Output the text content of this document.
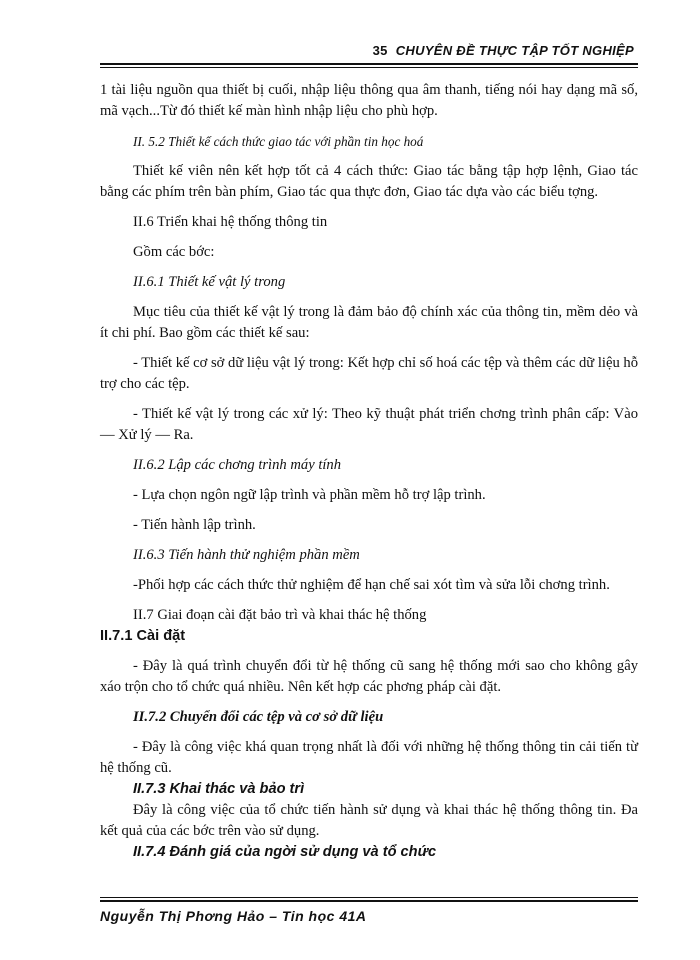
35 CHUYÊN ĐỀ THỰC TẬP TỐT NGHIỆP

1 tài liệu nguồn qua thiết bị cuối, nhập liệu thông qua âm thanh, tiếng nói hay dạng mã số, mã vạch...Từ đó thiết kế màn hình nhập liệu cho phù hợp.

II. 5.2 Thiết kế cách thức giao tác với phần tin học hoá

Thiết kế viên nên kết hợp tốt cả 4 cách thức: Giao tác bằng tập hợp lệnh, Giao tác bằng các phím trên bàn phím, Giao tác qua thực đơn, Giao tác dựa vào các biểu tợng.

II.6 Triển khai hệ thống thông tin

Gồm các bớc:

II.6.1 Thiết kế vật lý trong

Mục tiêu của thiết kế vật lý trong là đảm bảo độ chính xác của thông tin, mềm dẻo và ít chi phí. Bao gồm các thiết kế sau:

- Thiết kế cơ sở dữ liệu vật lý trong: Kết hợp chỉ số hoá các tệp và thêm các dữ liệu hỗ trợ cho các tệp.

- Thiết kế vật lý trong các xử lý: Theo kỹ thuật phát triển chơng trình phân cấp: Vào — Xử lý — Ra.

II.6.2 Lập các chơng trình máy tính

- Lựa chọn ngôn ngữ lập trình và phần mềm hỗ trợ lập trình.

- Tiến hành lập trình.

II.6.3 Tiến hành thử nghiệm phần mềm

-Phối hợp các cách thức thử nghiệm để hạn chế sai xót tìm và sửa lỗi chơng trình.

II.7 Giai đoạn cài đặt bảo trì và khai thác hệ thống

II.7.1 Cài đặt

- Đây là quá trình chuyển đổi từ hệ thống cũ sang hệ thống mới sao cho không gây xáo trộn cho tổ chức quá nhiều. Nên kết hợp các phơng pháp cài đặt.

II.7.2 Chuyển đổi các tệp và cơ sở dữ liệu

- Đây là công việc khá quan trọng nhất là đối với những hệ thống thông tin cải tiến từ hệ thống cũ.

II.7.3 Khai thác và bảo trì

Đây là công việc của tổ chức tiến hành sử dụng và khai thác hệ thống thông tin. Đa kết quả của các bớc trên vào sử dụng.

II.7.4 Đánh giá của ngời sử dụng và tổ chức

Nguyễn Thị Phơng Hảo – Tin học 41A
